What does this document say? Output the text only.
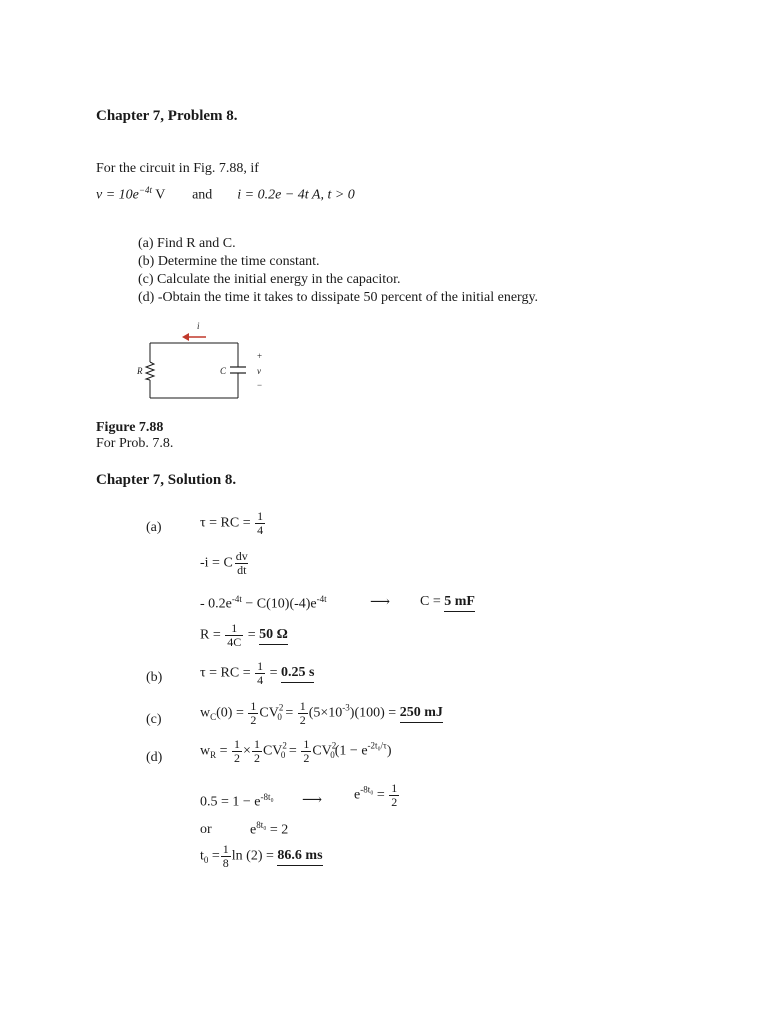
Chapter 7, Problem 8.
For the circuit in Fig. 7.88, if
$v = 10e^{-4t}$ V and i = 0.2e − 4t A, t > 0
(a) Find R and C.
(b) Determine the time constant.
(c) Calculate the initial energy in the capacitor.
(d) -Obtain the time it takes to dissipate 50 percent of the initial energy.
i
R	C
+
v
−
Figure 7.88
For Prob. 7.8.
Chapter 7, Solution 8.
(a)	τ = RC = $\frac{1}{4}$
-i = C $\frac{dv}{dt}$
- $0.2e^{-4t} - C(10)(-4)e^{-4t}$	⟶ C = 5 mF
$R = \frac{1}{4C} = 50$ Ω
(b)	τ = RC = $\frac{1}{4} = 0.25$ s
(c)	$w_C(0) = \frac{1}{2} CV^2_0 = \frac{1}{2} (5\times 10^{-3})(100) = 250$ mJ
(d)	$w_R = \frac{1}{2} \times \frac{1}{2} CV^2_0 = \frac{1}{2} CV^2_0(1 - e^{-2t_0/\tau})$
$0.5 = 1 - e^{-8t_0}$ ⟶ $e^{-8t_0} = \frac{1}{2}$
or	$e^{8t_0} = 2$
$t_0 = \frac{1}{8}$ ln (2) = 86.6 ms
